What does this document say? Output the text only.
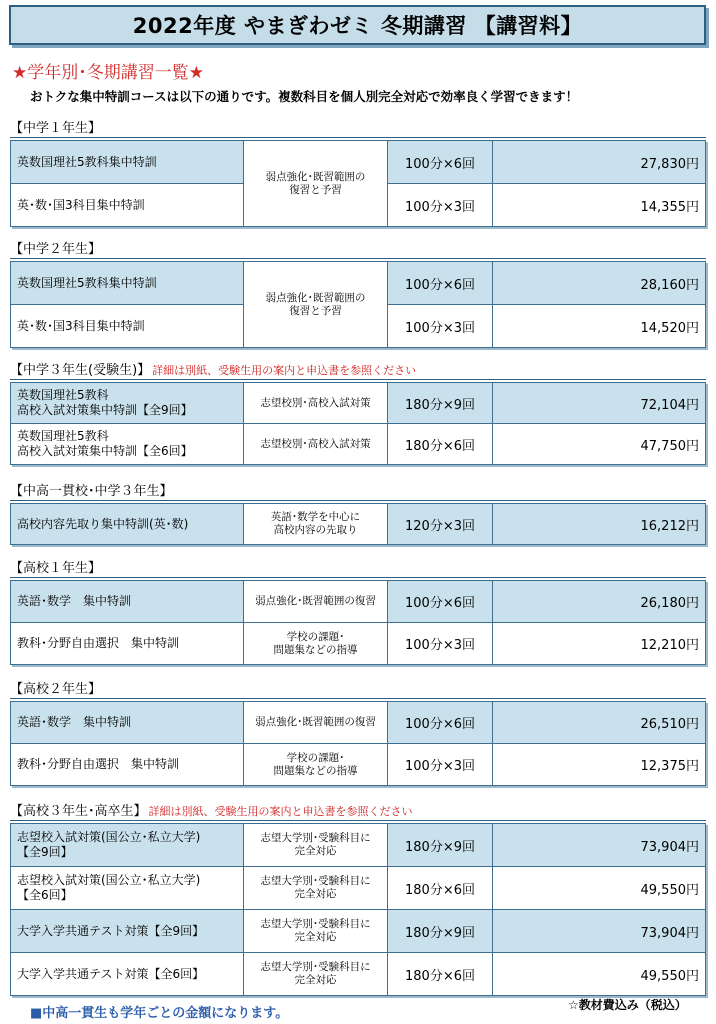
2022年度 やまぎわゼミ 冬期講習 【講習料】
★学年別･冬期講習一覧★
おトクな集中特訓コースは以下の通りです。複数科目を個人別完全対応で効率良く学習できます！
【中学１年生】
英数国理社5教科集中特訓	弱点強化･既習範囲の
復習と予習	100分×6回	27,830円
英･数･国3科目集中特訓		100分×3回	14,355円
【中学２年生】
英数国理社5教科集中特訓	弱点強化･既習範囲の
復習と予習	100分×6回	28,160円
英･数･国3科目集中特訓		100分×3回	14,520円
【中学３年生(受験生)】 詳細は別紙、受験生用の案内と申込書を参照ください
英数国理社5教科
高校入試対策集中特訓【全9回】	志望校別･高校入試対策	180分×9回	72,104円
英数国理社5教科
高校入試対策集中特訓【全6回】	志望校別･高校入試対策	180分×6回	47,750円
【中高一貫校･中学３年生】
高校内容先取り集中特訓(英･数)	英語･数学を中心に
高校内容の先取り	120分×3回	16,212円
【高校１年生】
英語･数学　集中特訓	弱点強化･既習範囲の復習	100分×6回	26,180円
教科･分野自由選択　集中特訓	学校の課題･
問題集などの指導	100分×3回	12,210円
【高校２年生】
英語･数学　集中特訓	弱点強化･既習範囲の復習	100分×6回	26,510円
教科･分野自由選択　集中特訓	学校の課題･
問題集などの指導	100分×3回	12,375円
【高校３年生･高卒生】 詳細は別紙、受験生用の案内と申込書を参照ください
志望校入試対策(国公立･私立大学)
【全9回】	志望大学別･受験科目に
完全対応	180分×9回	73,904円
志望校入試対策(国公立･私立大学)
【全6回】	志望大学別･受験科目に
完全対応	180分×6回	49,550円
大学入学共通テスト対策【全9回】	志望大学別･受験科目に
完全対応	180分×9回	73,904円
大学入学共通テスト対策【全6回】	志望大学別･受験科目に
完全対応	180分×6回	49,550円
■中高一貫生も学年ごとの金額になります。
☆教材費込み（税込）
